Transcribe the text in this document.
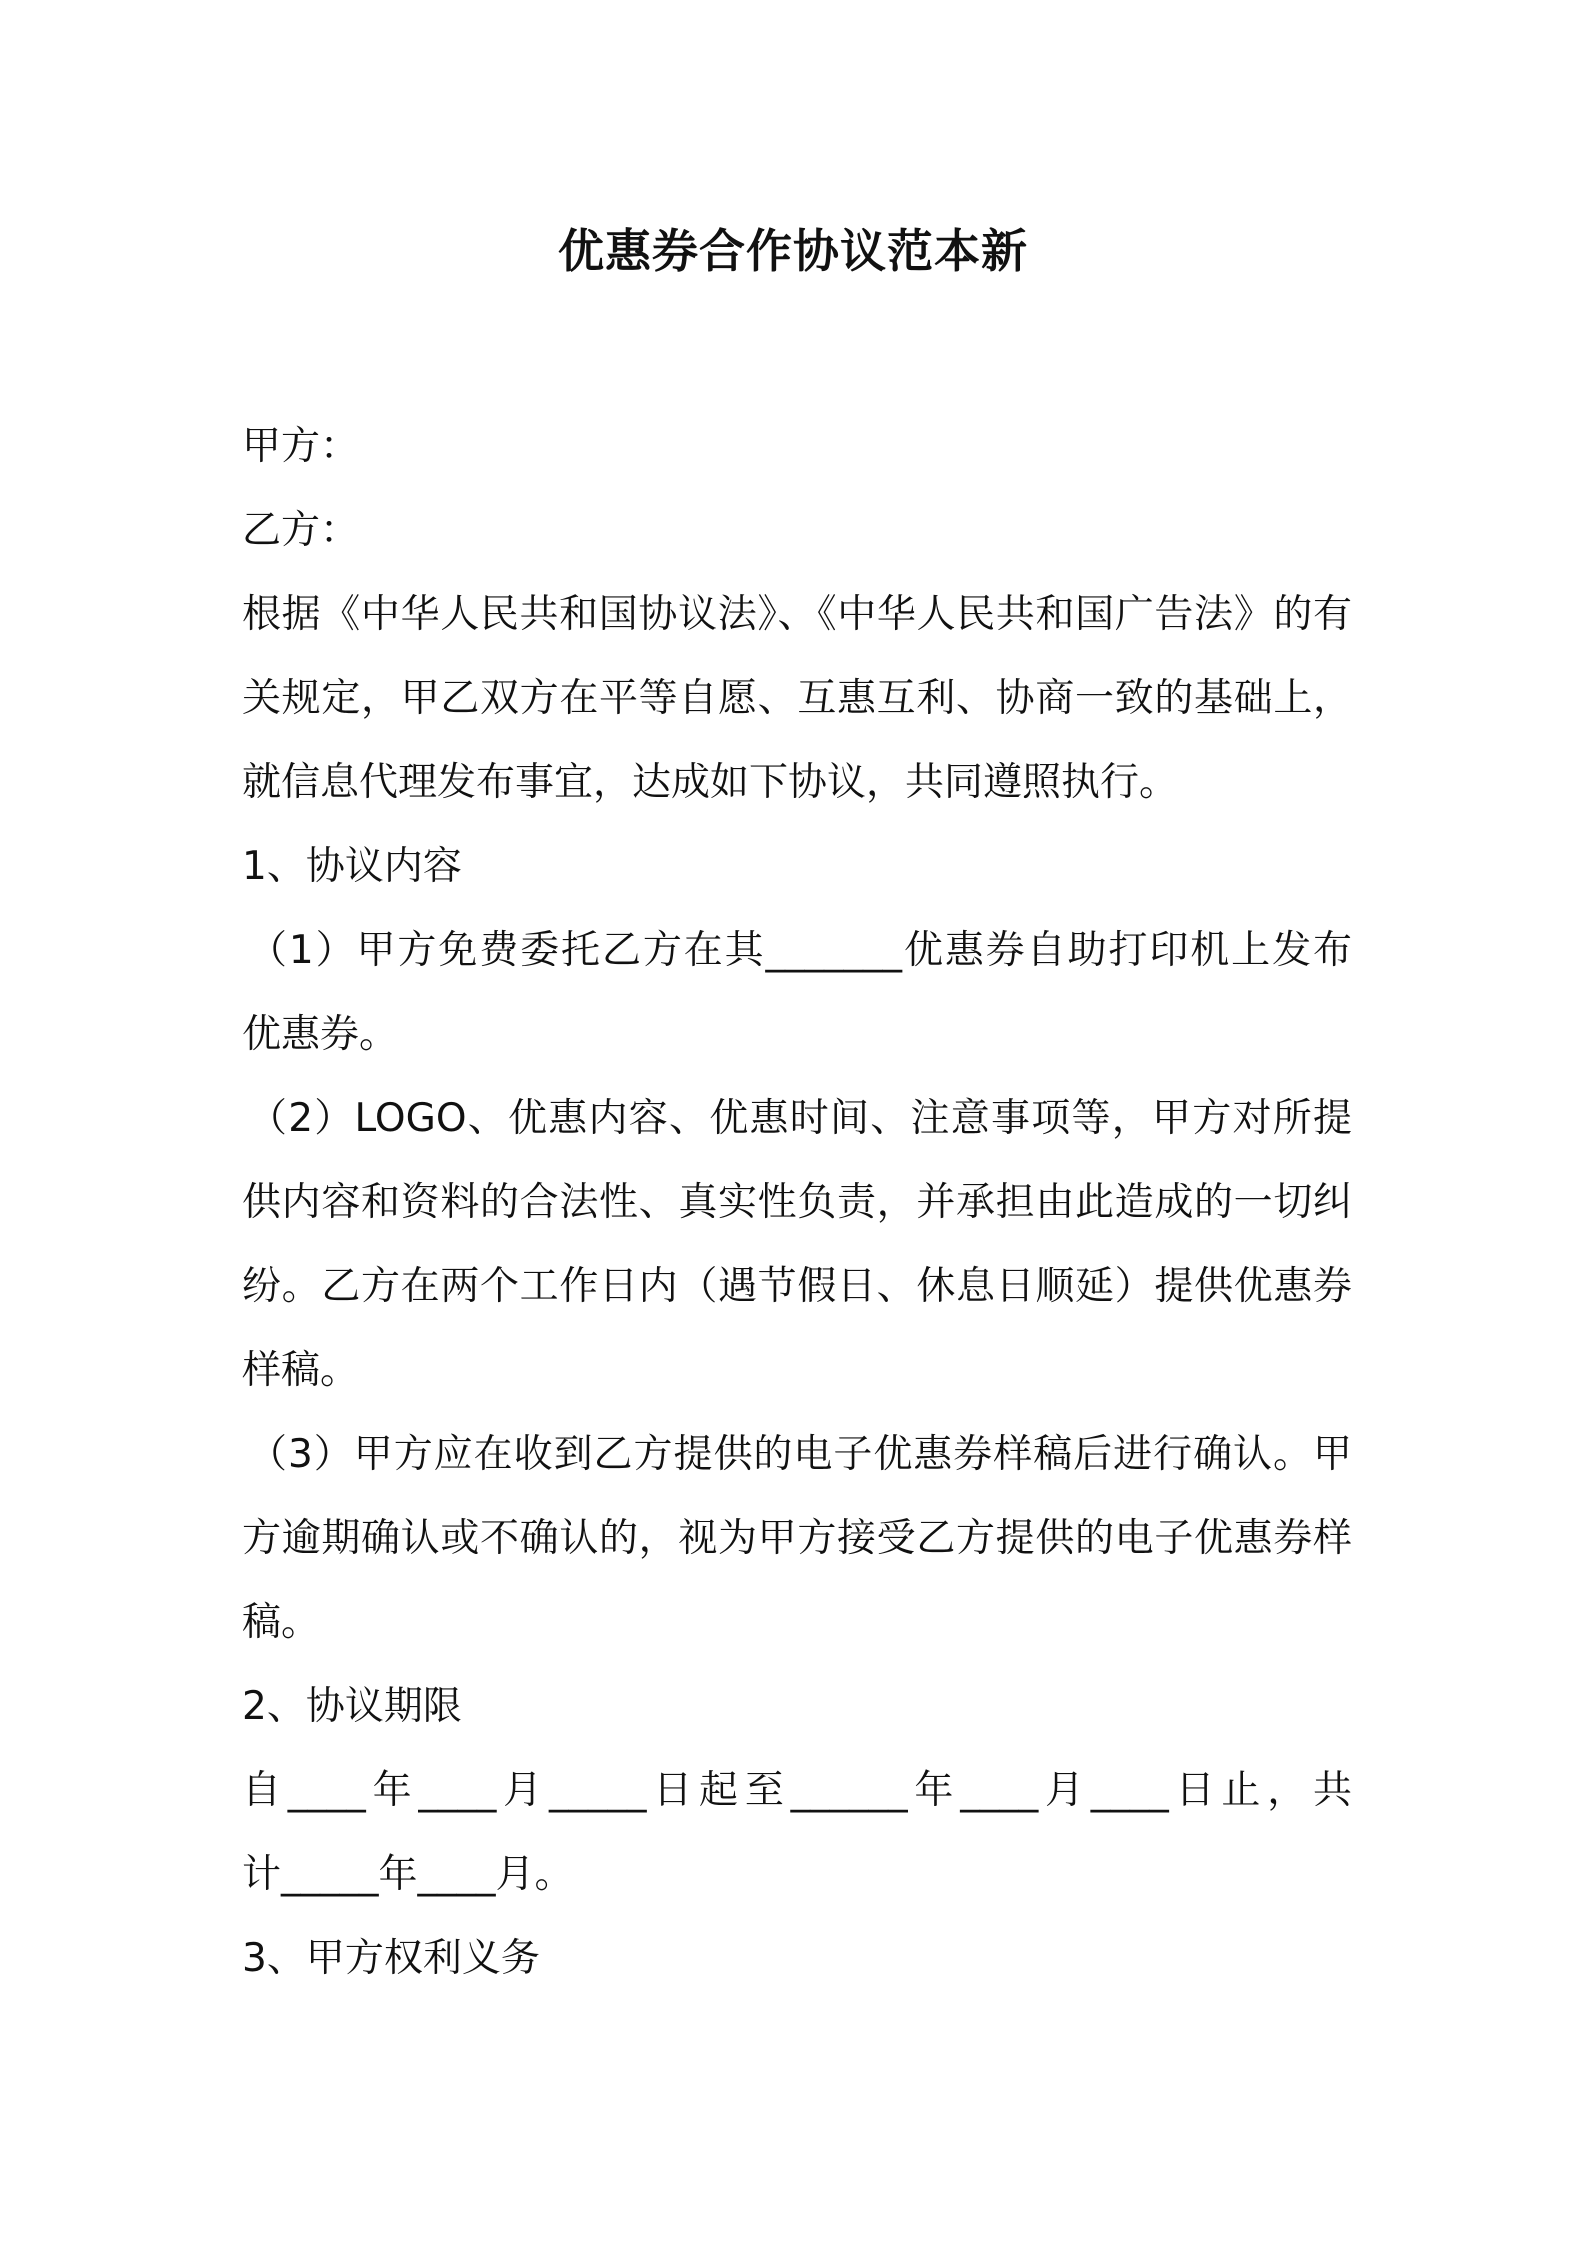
优惠券合作协议范本新

甲方：

乙方：

根据《中华人民共和国协议法》、《中华人民共和国广告法》的有

关规定，甲乙双方在平等自愿、互惠互利、协商一致的基础上，

就信息代理发布事宜，达成如下协议，共同遵照执行。

1、协议内容

（1）甲方免费委托乙方在其_______优惠券自助打印机上发布

优惠券。

（2）LOGO、优惠内容、优惠时间、注意事项等，甲方对所提

供内容和资料的合法性、真实性负责，并承担由此造成的一切纠

纷。乙方在两个工作日内（遇节假日、休息日顺延）提供优惠券

样稿。

（3）甲方应在收到乙方提供的电子优惠券样稿后进行确认。甲

方逾期确认或不确认的，视为甲方接受乙方提供的电子优惠券样

稿。

2、协议期限

自____年____月_____日起至______年____月____日止，共

计_____年____月。

3、甲方权利义务
